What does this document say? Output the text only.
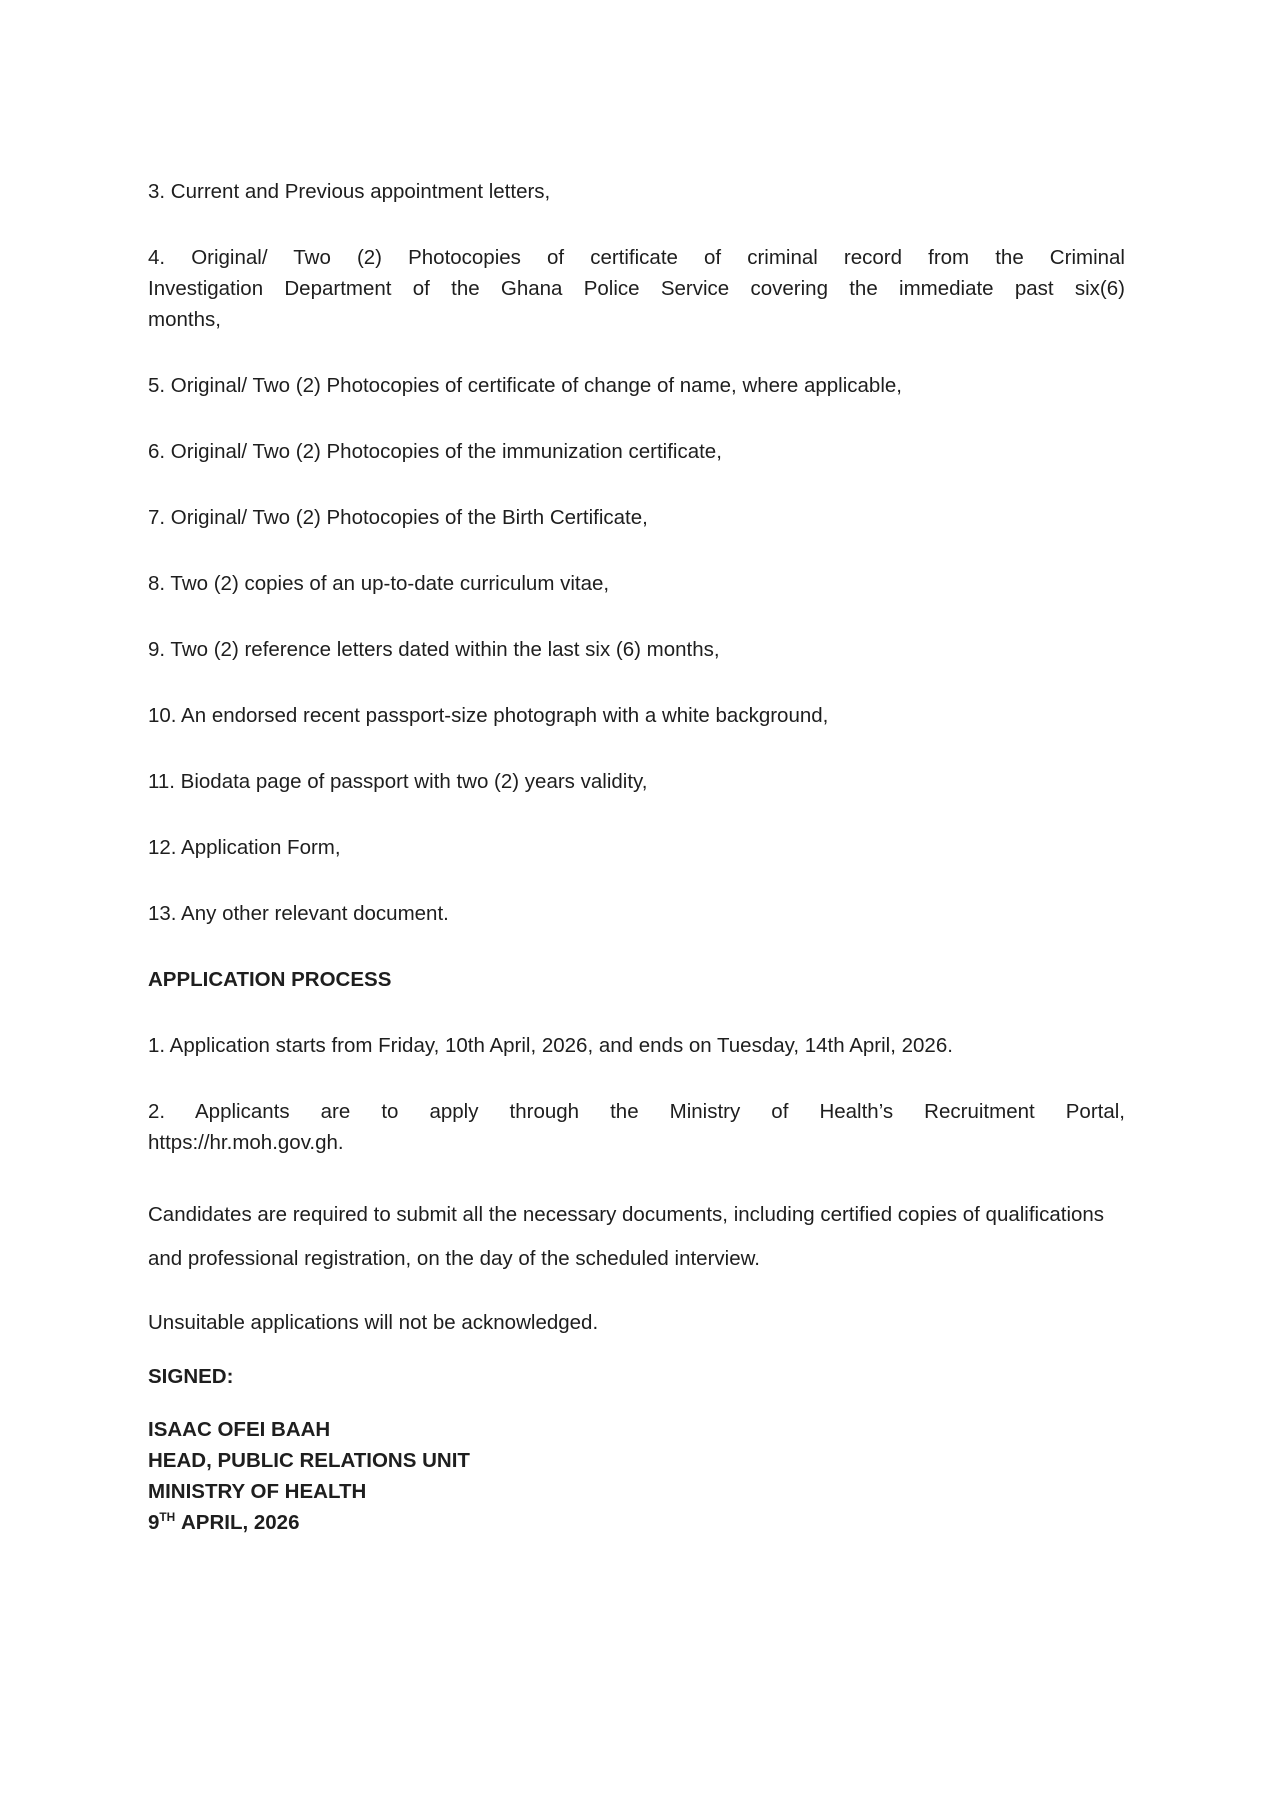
3. Current and Previous appointment letters,

4. Original/ Two (2) Photocopies of certificate of criminal record from the Criminal
Investigation Department of the Ghana Police Service covering the immediate past six(6)
months,

5. Original/ Two (2) Photocopies of certificate of change of name, where applicable,

6. Original/ Two (2) Photocopies of the immunization certificate,

7. Original/ Two (2) Photocopies of the Birth Certificate,

8. Two (2) copies of an up-to-date curriculum vitae,

9. Two (2) reference letters dated within the last six (6) months,

10. An endorsed recent passport-size photograph with a white background,

11. Biodata page of passport with two (2) years validity,

12. Application Form,

13. Any other relevant document.

APPLICATION PROCESS

1. Application starts from Friday, 10th April, 2026, and ends on Tuesday, 14th April, 2026.

2. Applicants are to apply through the Ministry of Health’s Recruitment Portal,
https://hr.moh.gov.gh.

Candidates are required to submit all the necessary documents, including certified copies of qualifications and professional registration, on the day of the scheduled interview.

Unsuitable applications will not be acknowledged.

SIGNED:

ISAAC OFEI BAAH
HEAD, PUBLIC RELATIONS UNIT
MINISTRY OF HEALTH
9TH APRIL, 2026
